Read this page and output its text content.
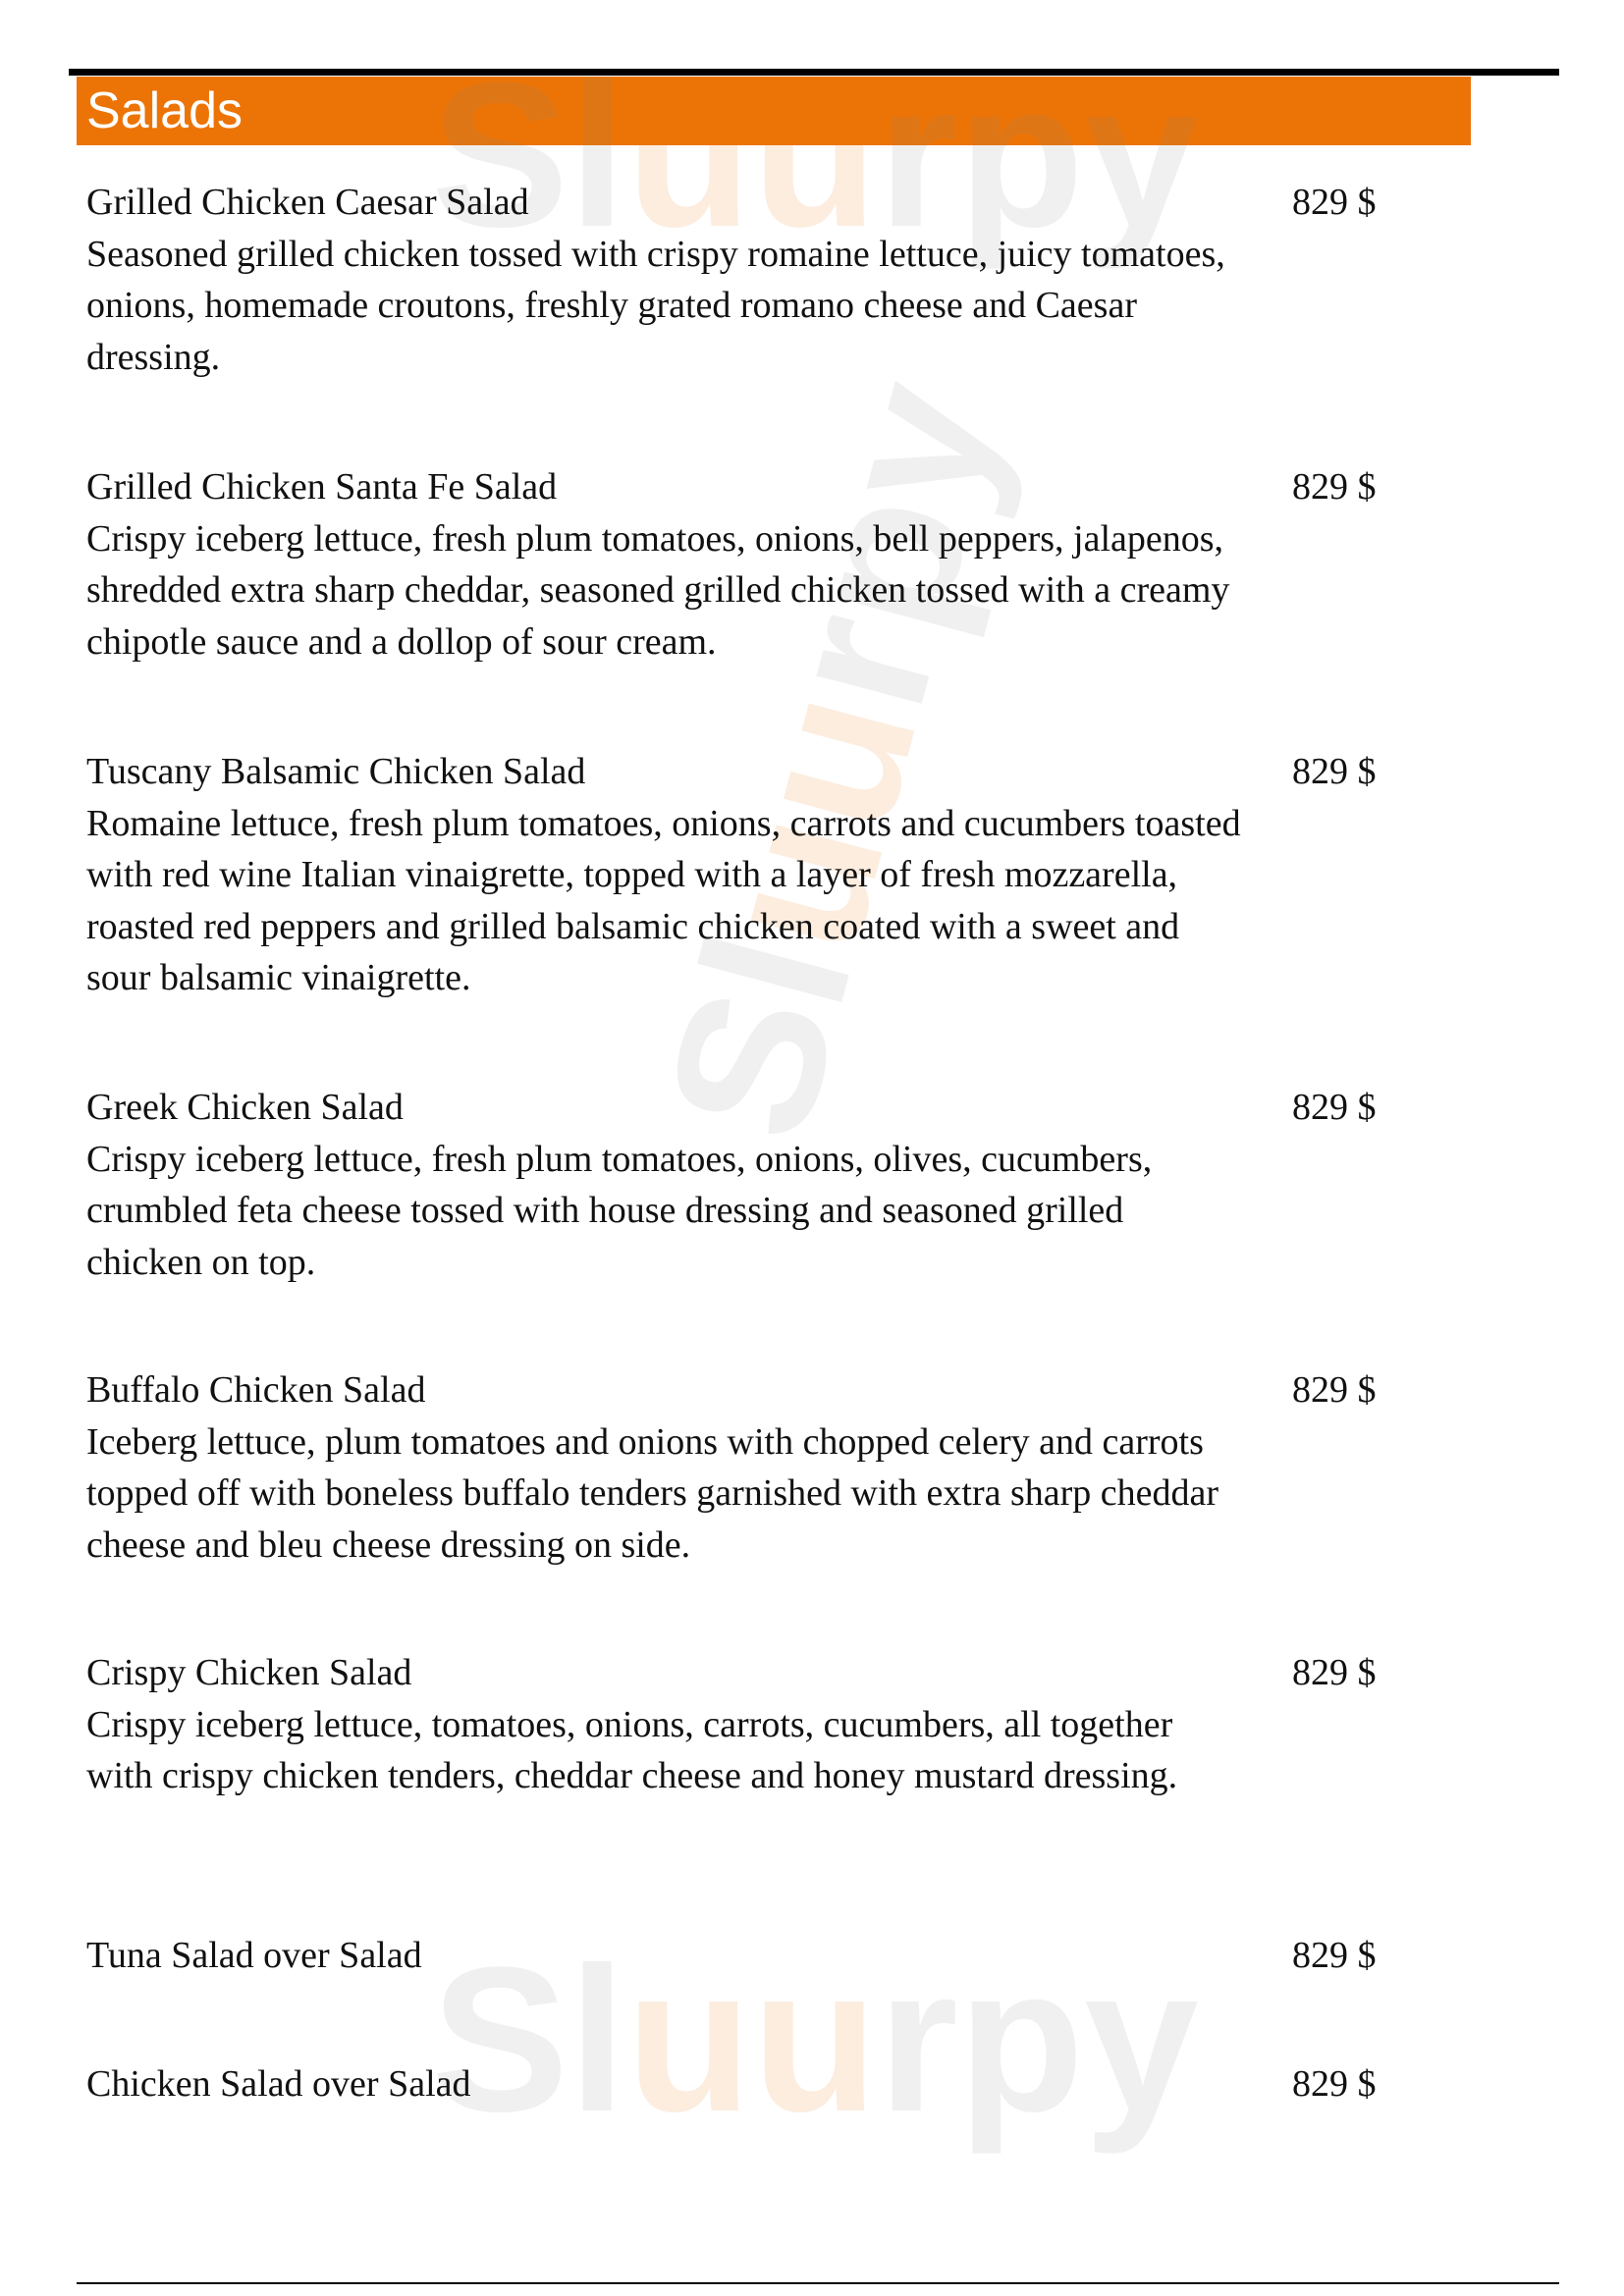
Salads Sluurpy
Sluurpy
Sluurpy
Grilled Chicken Caesar Salad	829 $
Seasoned grilled chicken tossed with crispy romaine lettuce, juicy tomatoes, onions, homemade croutons, freshly grated romano cheese and Caesar dressing.
Grilled Chicken Santa Fe Salad	829 $
Crispy iceberg lettuce, fresh plum tomatoes, onions, bell peppers, jalapenos, shredded extra sharp cheddar, seasoned grilled chicken tossed with a creamy chipotle sauce and a dollop of sour cream.
Tuscany Balsamic Chicken Salad	829 $
Romaine lettuce, fresh plum tomatoes, onions, carrots and cucumbers toasted with red wine Italian vinaigrette, topped with a layer of fresh mozzarella, roasted red peppers and grilled balsamic chicken coated with a sweet and sour balsamic vinaigrette.
Greek Chicken Salad	829 $
Crispy iceberg lettuce, fresh plum tomatoes, onions, olives, cucumbers, crumbled feta cheese tossed with house dressing and seasoned grilled chicken on top.
Buffalo Chicken Salad	829 $
Iceberg lettuce, plum tomatoes and onions with chopped celery and carrots topped off with boneless buffalo tenders garnished with extra sharp cheddar cheese and bleu cheese dressing on side.
Crispy Chicken Salad	829 $
Crispy iceberg lettuce, tomatoes, onions, carrots, cucumbers, all together with crispy chicken tenders, cheddar cheese and honey mustard dressing.
Tuna Salad over Salad	829 $
Chicken Salad over Salad	829 $
